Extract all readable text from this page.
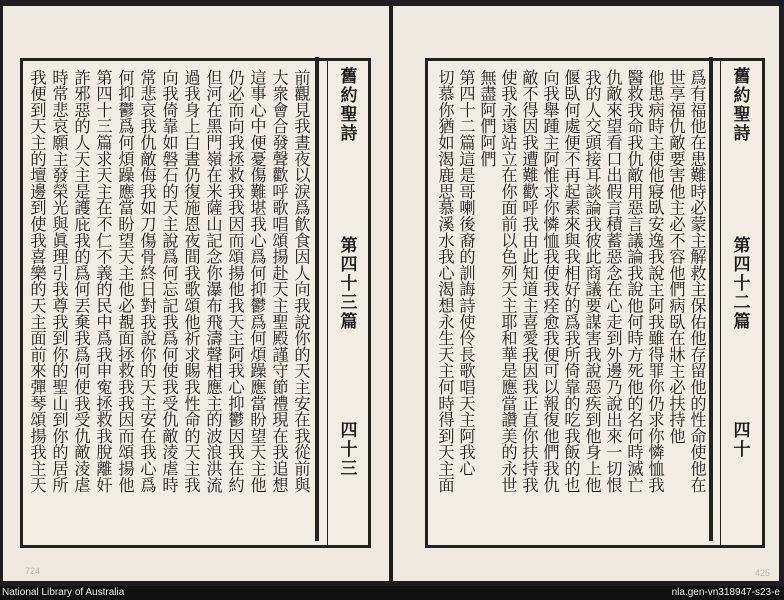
舊約聖詩
第四十三篇
四十三
前觀見我晝夜以淚爲飮食因人向我說你的天主安在我從前與
大衆會合發聲歡呼歌唱頌揚赴天主聖殿謹守節禮現在我追想
這事心中便憂傷難堪我心爲何抑鬱爲何煩躁應當盼望天主他
仍必而向我拯救我我因而頌揚他我天主阿我心抑鬱因我在約
但河在黑門嶺在米薩山記念你瀑布飛濤聲相應主的波浪洪流
過我身上白晝仍復施恩夜間我歌頌他祈求賜我性命的天主我
向我倚靠如磐石的天主說爲何忘記我爲何使我受仇敵淩虐時
常悲哀我仇敵侮我如刀傷骨終日對我說你的天主安在我心爲
何抑鬱爲何煩躁應當盼望天主他必覩面拯救我我因而頌揚他
第四十三篇求天主在不仁不義的民中爲我申寃拯救我脫離奸
詐邪惡的人天主是護庇我的爲何丟棄我爲何使我受仇敵淩虐
時常悲哀願主發榮光與眞理引我尊我到你的聖山到你的居所
我便到天主的壇邊到使我喜樂的天主面前來彈琴頌揚我主天
724
舊約聖詩
第四十二篇
四十
爲有福他在患難時必蒙主解救主保佑他存留他的性命使他在
世享福仇敵要害他主必不容他們病臥在牀主必扶持他
他患病時主使他寢臥安逸我說主阿我雖得罪你仍求你憐恤我
醫救我命我仇敵用惡言議論我說他何時方死他的名何時滅亡
仇敵來望看口出假言積蓄惡念在心走到外邊乃說出來一切恨
我的人交頭接耳談論我彼此商議要謀害我說惡疾到他身上他
偃臥何處便不再起素來與我相好的爲我所倚靠的吃我飯的也
向我舉踵主阿惟求你憐恤我使我痊愈我便可以報復他們我仇
敵不得因我遭難歡呼我由此知道主喜愛我因我正直你扶持我
使我永遠站立在你面前以色列天主耶和華是應當讚美的永世
無盡阿們阿們
第四十二篇這是哥喇後裔的訓誨詩使伶長歌唱天主阿我心
切慕你猶如渴鹿思慕溪水我心渴想永生天主何時得到天主面
425
National Library of Australia	nla.gen-vn318947-s23-e
